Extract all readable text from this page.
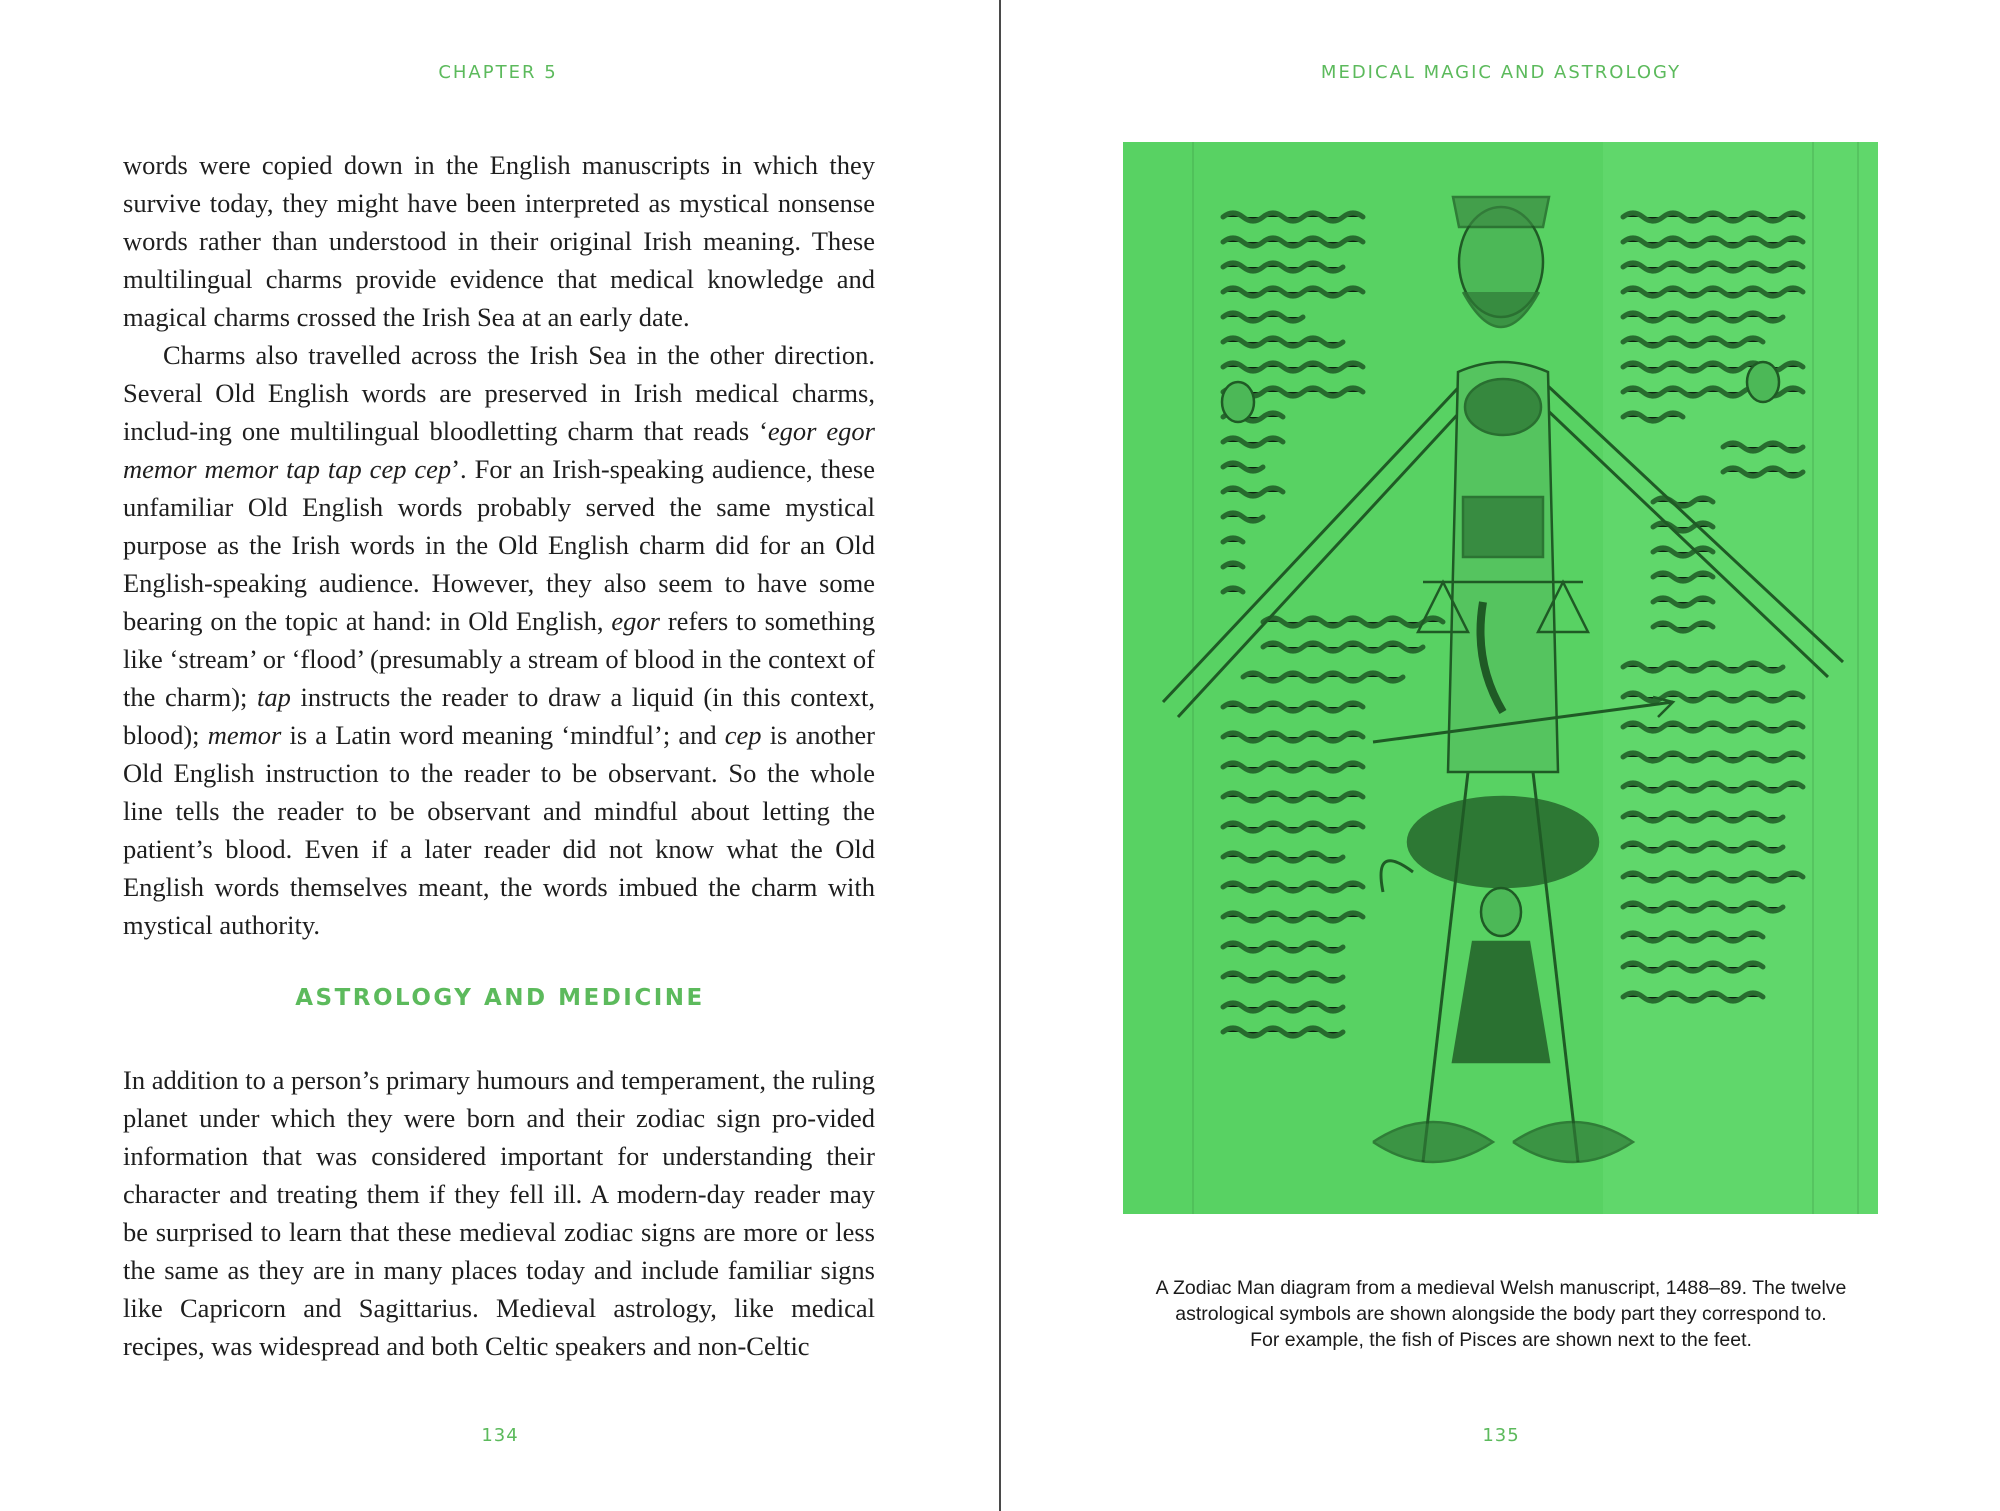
CHAPTER 5

words were copied down in the English manuscripts in which they survive today, they might have been interpreted as mystical nonsense words rather than understood in their original Irish meaning. These multilingual charms provide evidence that medical knowledge and magical charms crossed the Irish Sea at an early date.

Charms also travelled across the Irish Sea in the other direction. Several Old English words are preserved in Irish medical charms, includ-ing one multilingual bloodletting charm that reads ‘egor egor memor memor tap tap cep cep’. For an Irish-speaking audience, these unfamiliar Old English words probably served the same mystical purpose as the Irish words in the Old English charm did for an Old English-speaking audience. However, they also seem to have some bearing on the topic at hand: in Old English, egor refers to something like ‘stream’ or ‘flood’ (presumably a stream of blood in the context of the charm); tap instructs the reader to draw a liquid (in this context, blood); memor is a Latin word meaning ‘mindful’; and cep is another Old English instruction to the reader to be observant. So the whole line tells the reader to be observant and mindful about letting the patient’s blood. Even if a later reader did not know what the Old English words themselves meant, the words imbued the charm with mystical authority.

ASTROLOGY AND MEDICINE

In addition to a person’s primary humours and temperament, the ruling planet under which they were born and their zodiac sign pro-vided information that was considered important for understanding their character and treating them if they fell ill. A modern-day reader may be surprised to learn that these medieval zodiac signs are more or less the same as they are in many places today and include familiar signs like Capricorn and Sagittarius. Medieval astrology, like medical recipes, was widespread and both Celtic speakers and non-Celtic

134
MEDICAL MAGIC AND ASTROLOGY
A Zodiac Man diagram from a medieval Welsh manuscript, 1488–89. The twelve
astrological symbols are shown alongside the body part they correspond to.
For example, the fish of Pisces are shown next to the feet.
135
